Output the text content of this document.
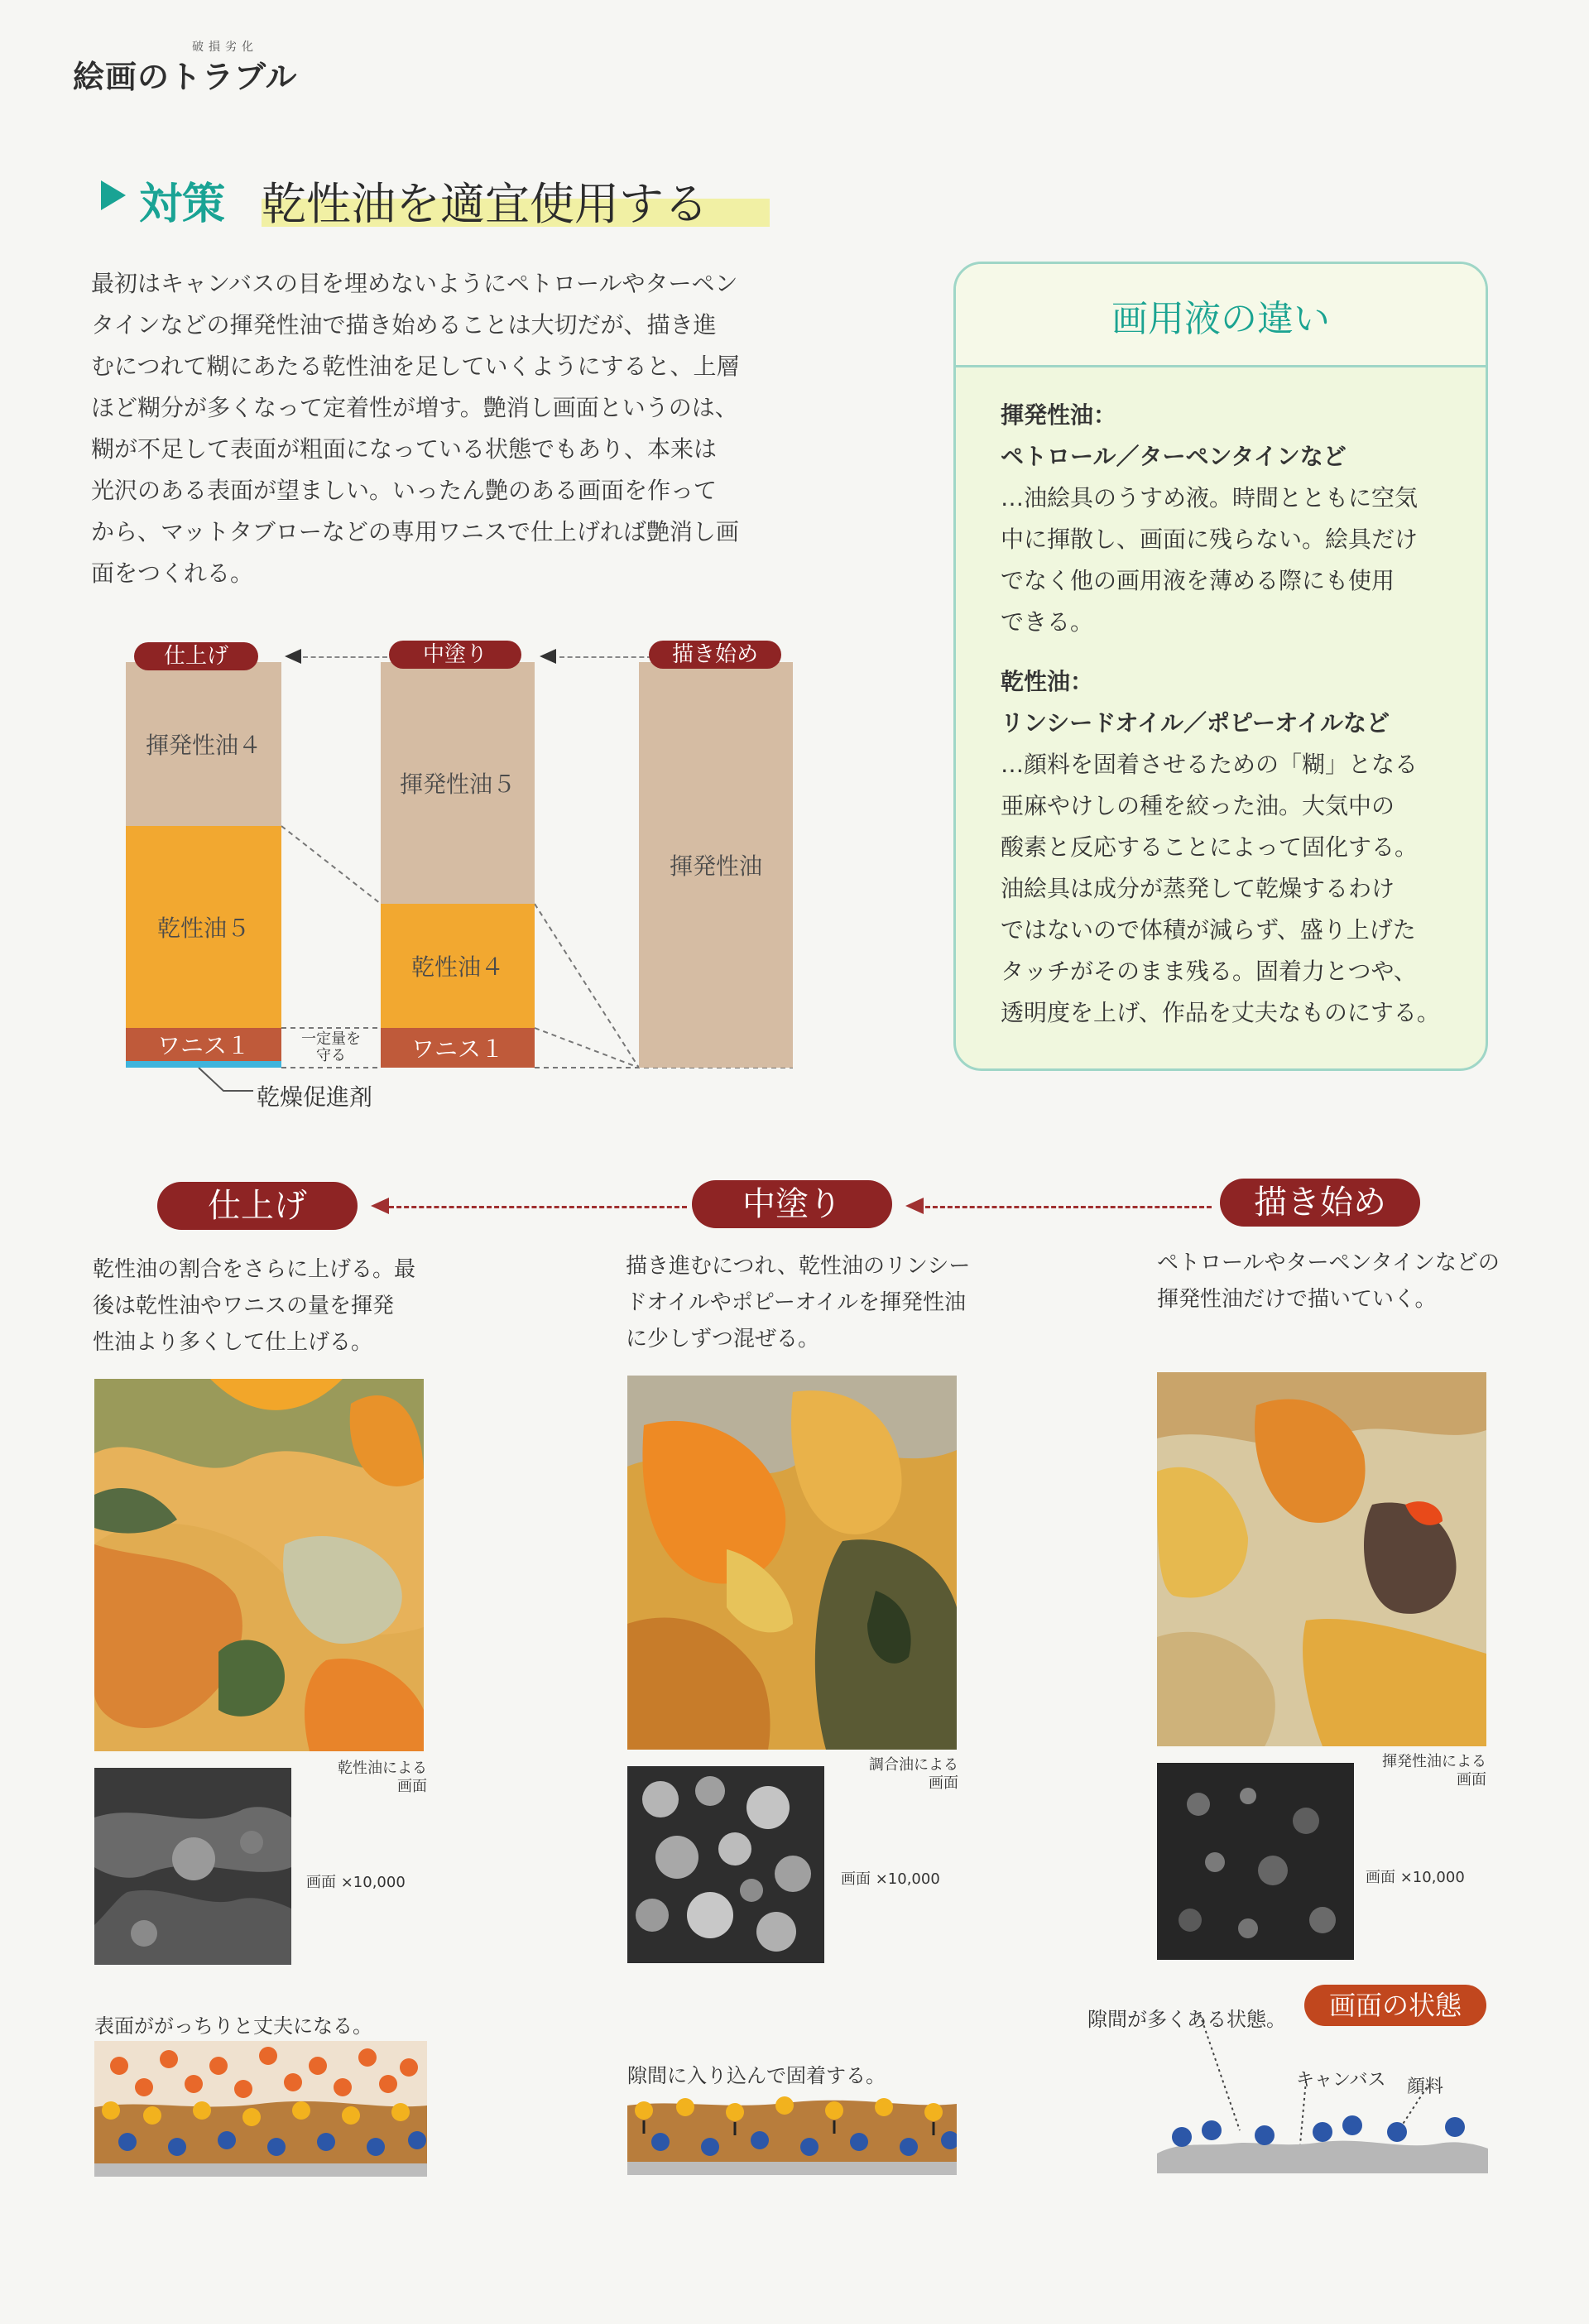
破損劣化
絵画のトラブル
対策 乾性油を適宜使用する
最初はキャンバスの目を埋めないようにペトロールやターペン
タインなどの揮発性油で描き始めることは大切だが、描き進
むにつれて糊にあたる乾性油を足していくようにすると、上層
ほど糊分が多くなって定着性が増す。艶消し画面というのは、
糊が不足して表面が粗面になっている状態でもあり、本来は
光沢のある表面が望ましい。いったん艶のある画面を作って
から、マットタブローなどの専用ワニスで仕上げれば艶消し画
面をつくれる。
画用液の違い
揮発性油：
ペトロール／ターペンタインなど
…油絵具のうすめ液。時間とともに空気
中に揮散し、画面に残らない。絵具だけ
でなく他の画用液を薄める際にも使用
できる。
乾性油：
リンシードオイル／ポピーオイルなど
…顔料を固着させるための「糊」となる
亜麻やけしの種を絞った油。大気中の
酸素と反応することによって固化する。
油絵具は成分が蒸発して乾燥するわけ
ではないので体積が減らず、盛り上げた
タッチがそのまま残る。固着力とつや、
透明度を上げ、作品を丈夫なものにする。
揮発性油４
乾性油５
ワニス１
揮発性油５
乾性油４
ワニス１
揮発性油
一定量を
守る
乾燥促進剤
仕上げ	中塗り	描き始め
仕上げ	中塗り	描き始め
乾性油の割合をさらに上げる。最
後は乾性油やワニスの量を揮発
性油より多くして仕上げる。
描き進むにつれ、乾性油のリンシー
ドオイルやポピーオイルを揮発性油
に少しずつ混ぜる。
ペトロールやターペンタインなどの
揮発性油だけで描いていく。
乾性油による
画面
調合油による
画面
揮発性油による
画面
画面 ×10,000	画面 ×10,000	画面 ×10,000
表面ががっちりと丈夫になる。
隙間に入り込んで固着する。
隙間が多くある状態。	画面の状態
キャンバス 顔料
